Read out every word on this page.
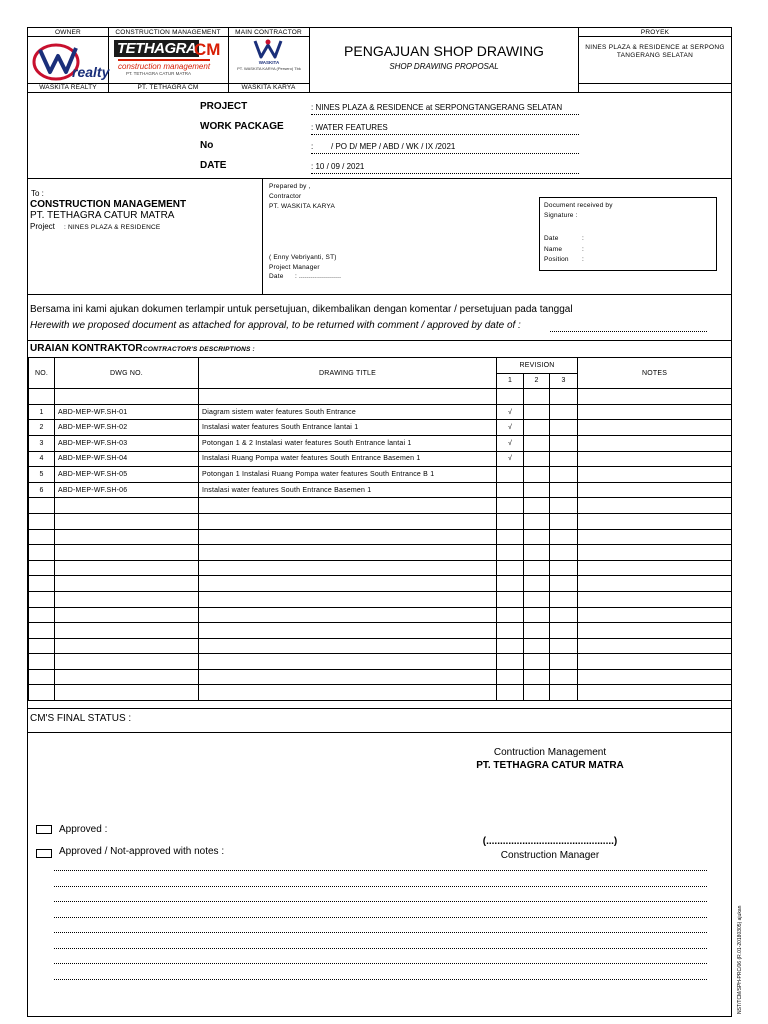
OWNER	CONSTRUCTION MANAGEMENT	MAIN CONTRACTOR	PROYEK
realty
TETHAGRA
CM
construction management
PT. TETHAGRA CATUR MATRA
WASKITA
PT. WASKITA KARYA (Persero) Tbk
WASKITA REALTY	PT. TETHAGRA CM	WASKITA KARYA
PENGAJUAN SHOP DRAWING
SHOP DRAWING PROPOSAL
NINES PLAZA & RESIDENCE at SERPONG TANGERANG SELATAN
PROJECT	: NINES PLAZA & RESIDENCE at SERPONGTANGERANG SELATAN
WORK PACKAGE	: WATER FEATURES
No	:        / PO D/ MEP / ABD / WK / IX /2021
DATE	: 10 / 09 / 2021
To :
CONSTRUCTION MANAGEMENT
PT. TETHAGRA CATUR MATRA
Project : NINES PLAZA & RESIDENCE
Prepared by ,
Contractor
PT. WASKITA KARYA
( Enny Vebriyanti, ST)
Project Manager
Date : .....................
Document received by
Signature :
Date	:
Name	:
Position :
Bersama ini kami ajukan dokumen terlampir untuk persetujuan, dikembalikan dengan komentar / persetujuan pada tanggal
Herewith we proposed document as attached for approval, to be returned with comment / approved by date of :
URAIAN KONTRAKTOR CONTRACTOR'S DESCRIPTIONS :
NO.	DWG NO.	DRAWING TITLE	REVISION			NOTES
			1	2	3	

1	ABD-MEP-WF.SH-01	Diagram sistem water features South Entrance	√			
2	ABD-MEP-WF.SH-02	Instalasi water features South Entrance lantai 1	√			
3	ABD-MEP-WF.SH-03	Potongan 1 & 2 Instalasi water features South Entrance lantai 1	√			
4	ABD-MEP-WF.SH-04	Instalasi Ruang Pompa water features South Entrance Basemen 1	√			
5	ABD-MEP-WF.SH-05	Potongan 1 Instalasi Ruang Pompa water features South Entrance B 1				
6	ABD-MEP-WF.SH-06	Instalasi water features South Entrance Basemen 1				

CM'S FINAL STATUS :
Contruction Management
PT. TETHAGRA CATUR MATRA
Approved :
(..............................................)
Approved / Not-approved with notes :	Construction Manager
NST/TCM/SPH-PRC/06 (R.01-20180305) ajukan
